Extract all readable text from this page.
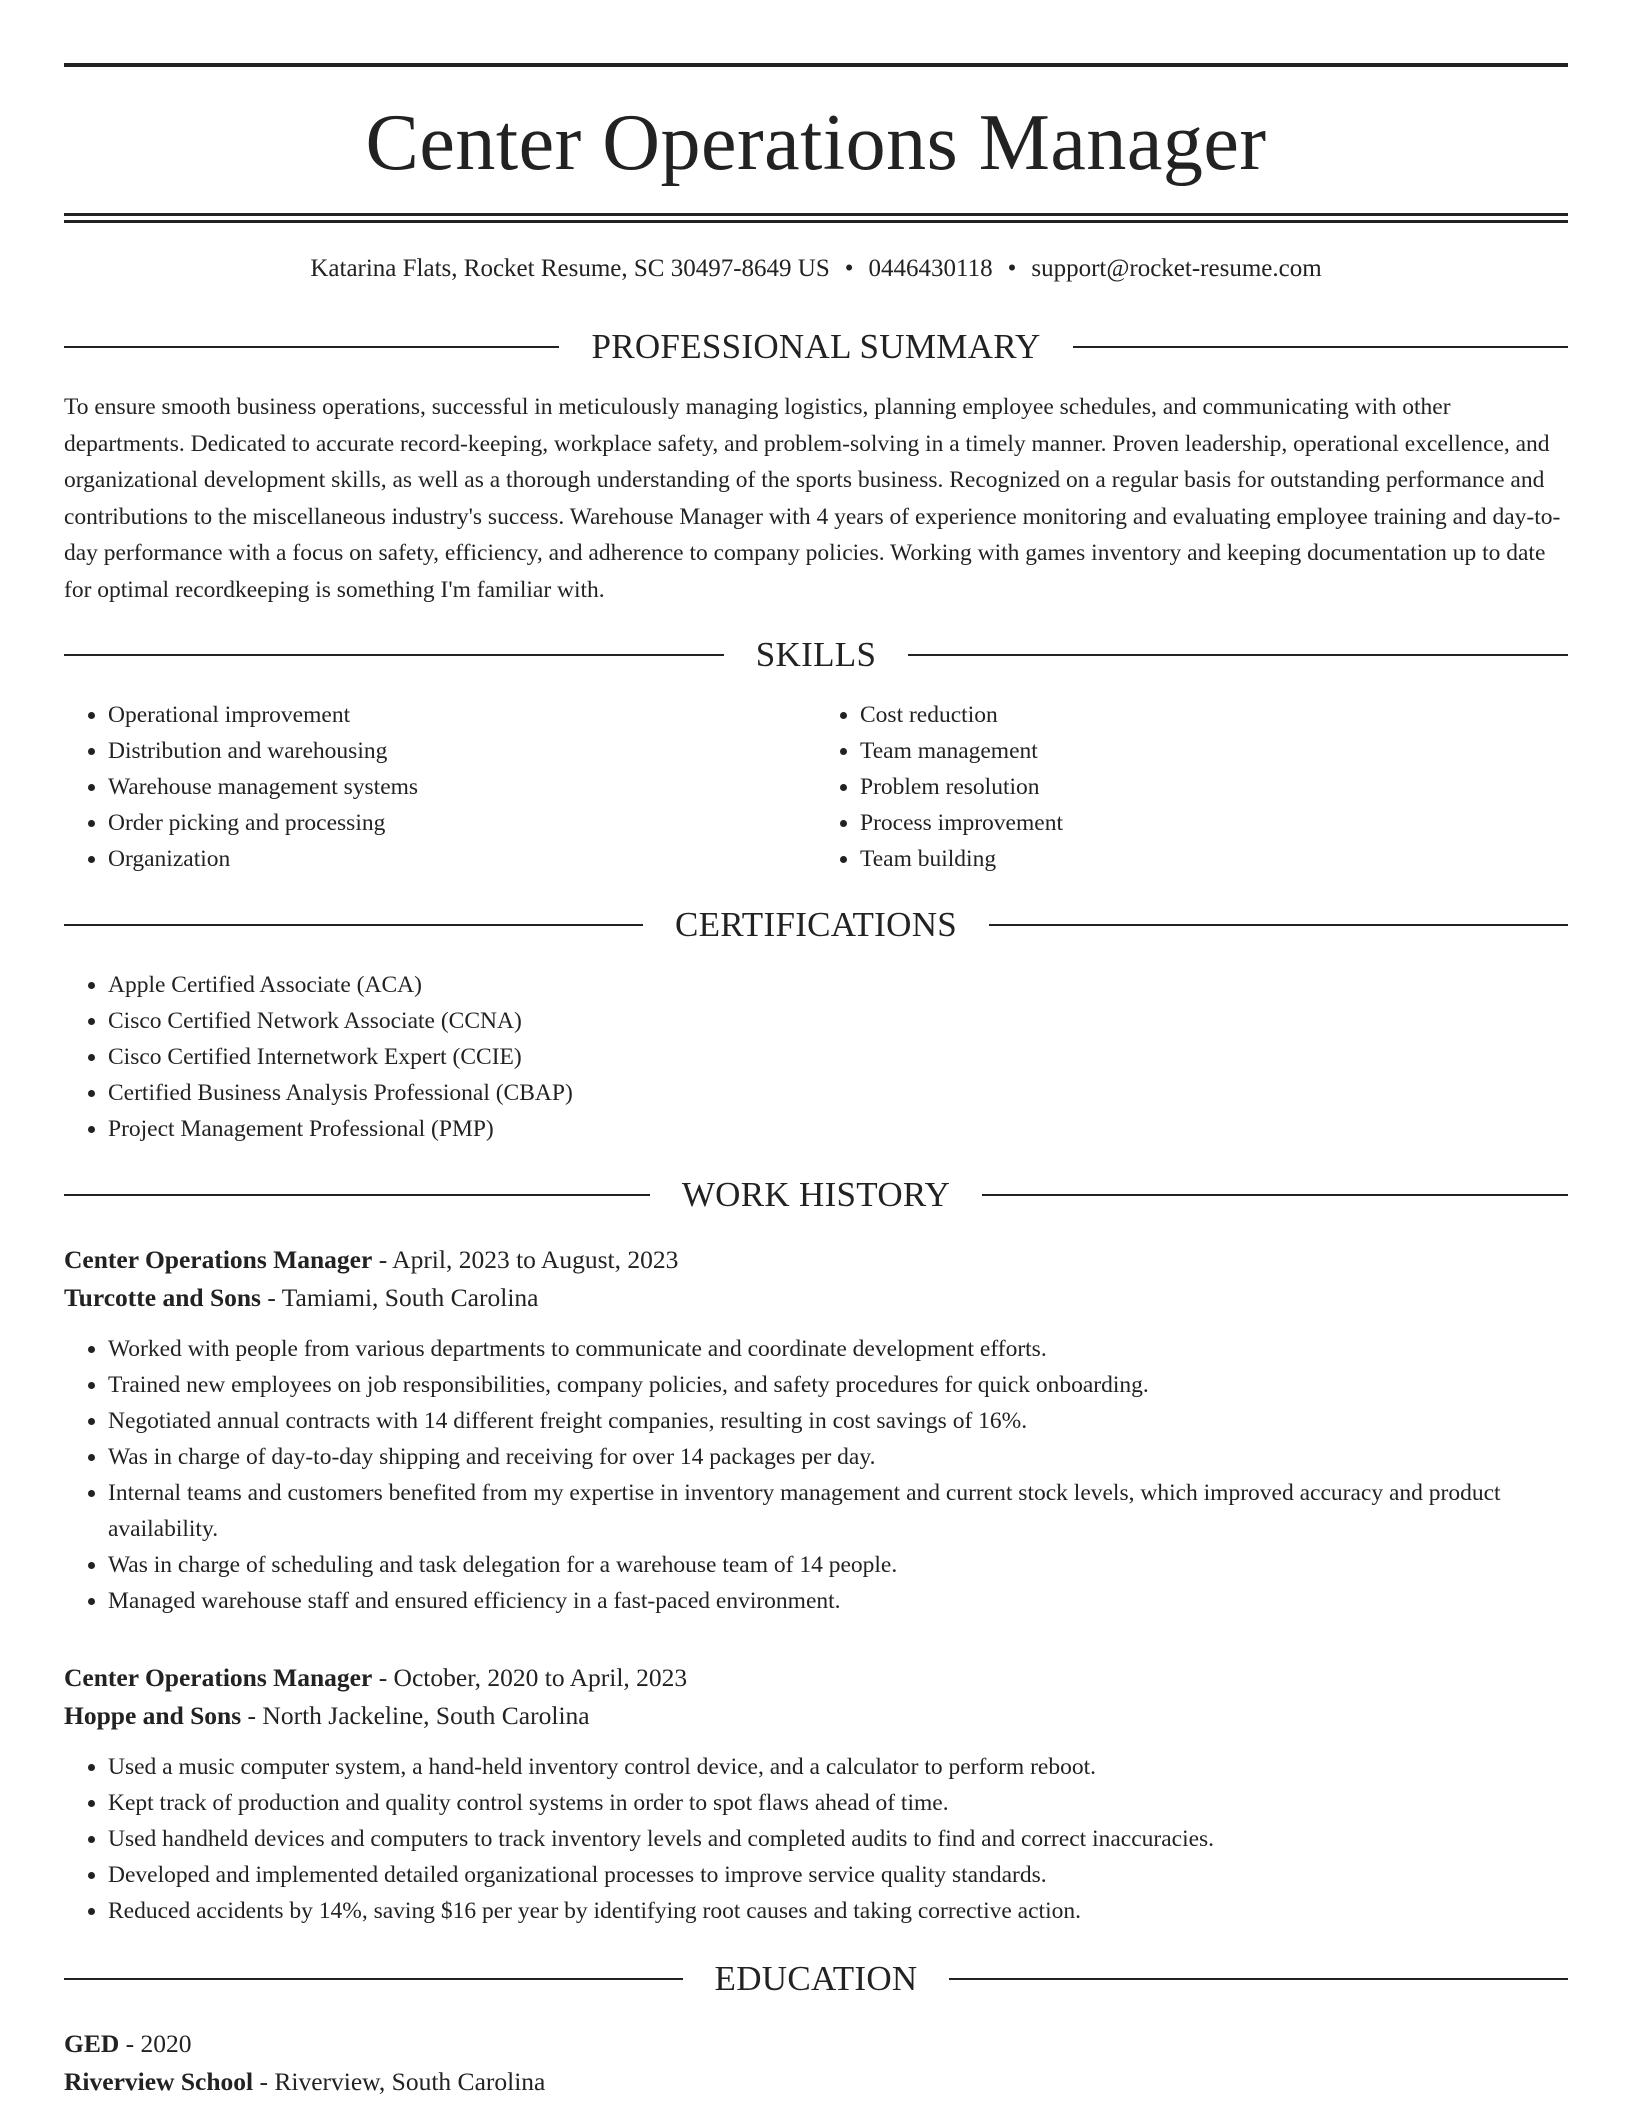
Center Operations Manager
Katarina Flats, Rocket Resume, SC 30497-8649 US • 0446430118 • support@rocket-resume.com
PROFESSIONAL SUMMARY

To ensure smooth business operations, successful in meticulously managing logistics, planning employee schedules, and communicating with other departments. Dedicated to accurate record-keeping, workplace safety, and problem-solving in a timely manner. Proven leadership, operational excellence, and organizational development skills, as well as a thorough understanding of the sports business. Recognized on a regular basis for outstanding performance and contributions to the miscellaneous industry's success. Warehouse Manager with 4 years of experience monitoring and evaluating employee training and day-to-day performance with a focus on safety, efficiency, and adherence to company policies. Working with games inventory and keeping documentation up to date for optimal recordkeeping is something I'm familiar with.

SKILLS
• Operational improvement
• Distribution and warehousing
• Warehouse management systems
• Order picking and processing
• Organization
• Cost reduction
• Team management
• Problem resolution
• Process improvement
• Team building
CERTIFICATIONS
• Apple Certified Associate (ACA)
• Cisco Certified Network Associate (CCNA)
• Cisco Certified Internetwork Expert (CCIE)
• Certified Business Analysis Professional (CBAP)
• Project Management Professional (PMP)
WORK HISTORY
Center Operations Manager - April, 2023 to August, 2023
Turcotte and Sons - Tamiami, South Carolina
• Worked with people from various departments to communicate and coordinate development efforts.
• Trained new employees on job responsibilities, company policies, and safety procedures for quick onboarding.
• Negotiated annual contracts with 14 different freight companies, resulting in cost savings of 16%.
• Was in charge of day-to-day shipping and receiving for over 14 packages per day.
• Internal teams and customers benefited from my expertise in inventory management and current stock levels, which improved accuracy and product availability.
• Was in charge of scheduling and task delegation for a warehouse team of 14 people.
• Managed warehouse staff and ensured efficiency in a fast-paced environment.
Center Operations Manager - October, 2020 to April, 2023
Hoppe and Sons - North Jackeline, South Carolina
• Used a music computer system, a hand-held inventory control device, and a calculator to perform reboot.
• Kept track of production and quality control systems in order to spot flaws ahead of time.
• Used handheld devices and computers to track inventory levels and completed audits to find and correct inaccuracies.
• Developed and implemented detailed organizational processes to improve service quality standards.
• Reduced accidents by 14%, saving $16 per year by identifying root causes and taking corrective action.
EDUCATION
GED - 2020
Riverview School - Riverview, South Carolina
